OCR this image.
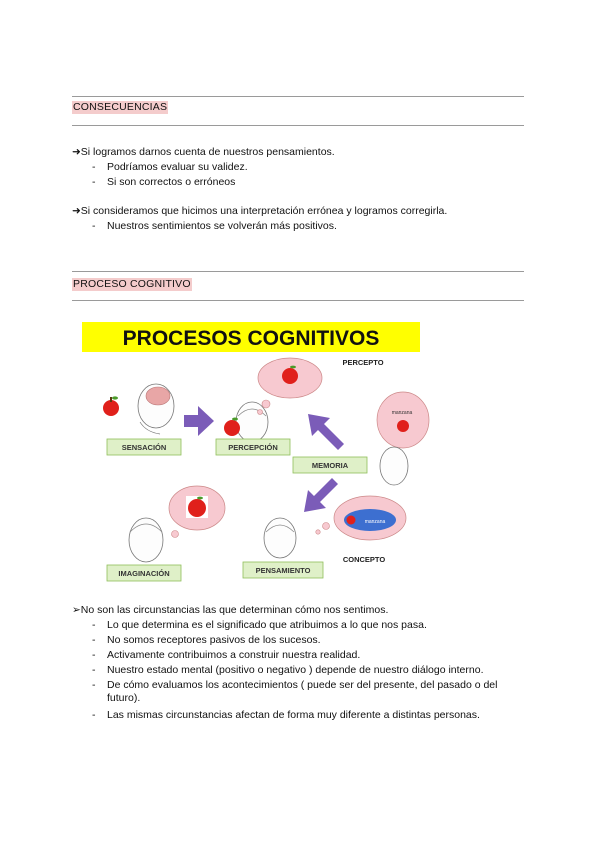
CONSECUENCIAS
➜Si logramos darnos cuenta de nuestros pensamientos.
- Podríamos evaluar su validez.
- Si son correctos o erróneos
➜Si consideramos que hicimos una interpretación errónea y logramos corregirla.
- Nuestros sentimientos se volverán más positivos.
PROCESO COGNITIVO
PROCESOS COGNITIVOS
PERCEPTO
SENSACIÓN	PERCEPCIÓN
manzana
MEMORIA
IMAGINACIÓN
manzana
CONCEPTO
PENSAMIENTO
➢No son las circunstancias las que determinan cómo nos sentimos.
- Lo que determina es el significado que atribuimos a lo que nos pasa.
- No somos receptores pasivos de los sucesos.
- Activamente contribuimos a construir nuestra realidad.
- Nuestro estado mental (positivo o negativo ) depende de nuestro diálogo interno.
- De cómo evaluamos los acontecimientos ( puede ser del presente, del pasado o del futuro).
- Las mismas circunstancias afectan de forma muy diferente a distintas personas.
